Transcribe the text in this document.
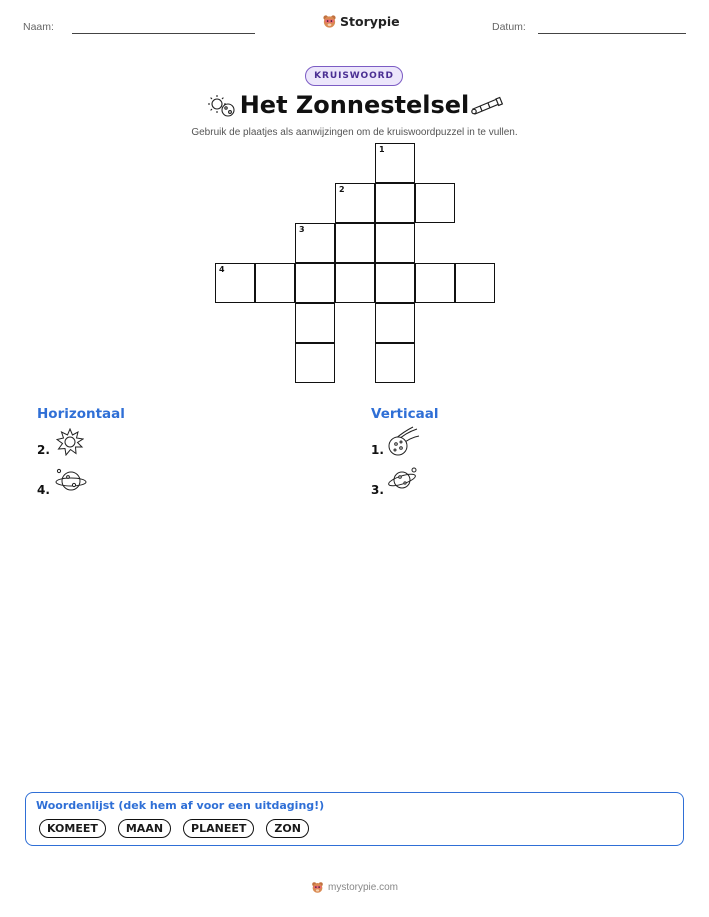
Naam:	Storypie	Datum:
KRUISWOORD
Het Zonnestelsel
Gebruik de plaatjes als aanwijzingen om de kruiswoordpuzzel in te vullen.
1
2
3
4
Horizontaal
2.
4.
Verticaal
1.
3.
Woordenlijst (dek hem af voor een uitdaging!)
KOMEET	MAAN	PLANEET	ZON
mystorypie.com
